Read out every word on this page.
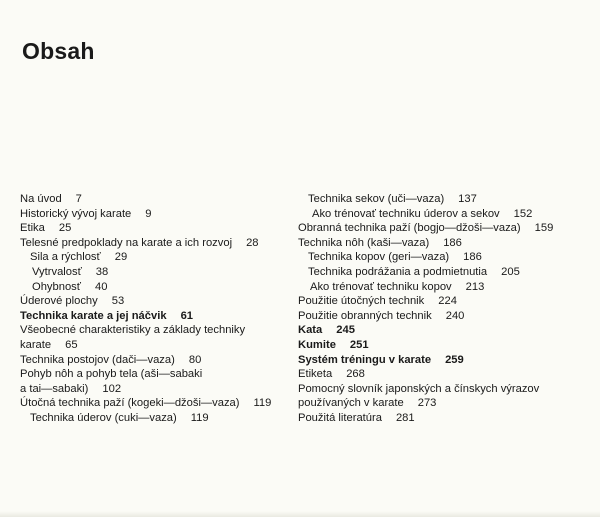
Obsah
Na úvod 7
Historický vývoj karate 9
Etika 25
Telesné predpoklady na karate a ich rozvoj 28
Sila a rýchlosť 29
Vytrvalosť 38
Ohybnosť 40
Úderové plochy 53
Technika karate a jej náčvik 61
Všeobecné charakteristiky a základy techniky
karate 65
Technika postojov (dači—vaza) 80
Pohyb nôh a pohyb tela (aši—sabaki
a tai—sabaki) 102
Útočná technika paží (kogeki—džoši—vaza) 119
Technika úderov (cuki—vaza) 119
Technika sekov (uči—vaza) 137
Ako trénovať techniku úderov a sekov 152
Obranná technika paží (bogjo—džoši—vaza) 159
Technika nôh (kaši—vaza) 186
Technika kopov (geri—vaza) 186
Technika podrážania a podmietnutia 205
Ako trénovať techniku kopov 213
Použitie útočných technik 224
Použitie obranných technik 240
Kata 245
Kumite 251
Systém tréningu v karate 259
Etiketa 268
Pomocný slovník japonských a čínskych výrazov
používaných v karate 273
Použitá literatúra 281
